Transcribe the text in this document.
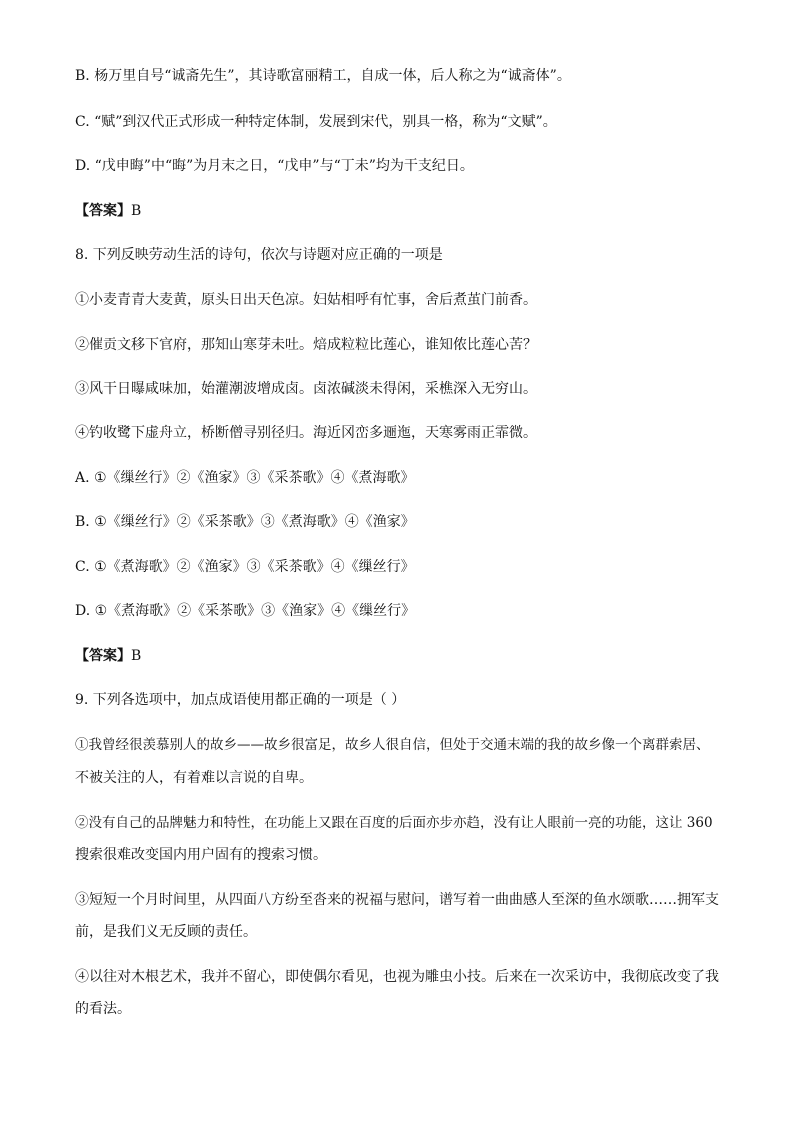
B. 杨万里自号“诚斋先生”，其诗歌富丽精工，自成一体，后人称之为“诚斋体”。
C. “赋”到汉代正式形成一种特定体制，发展到宋代，别具一格，称为“文赋”。
D. “戊申晦”中“晦”为月末之日，“戊申”与“丁未”均为干支纪日。
【答案】B
8. 下列反映劳动生活的诗句，依次与诗题对应正确的一项是
①小麦青青大麦黄，原头日出天色凉。妇姑相呼有忙事，舍后煮茧门前香。
②催贡文移下官府，那知山寒芽未吐。焙成粒粒比莲心，谁知侬比莲心苦？
③风干日曝咸味加，始灌潮波增成卤。卤浓碱淡未得闲，采樵深入无穷山。
④钓收鹭下虚舟立，桥断僧寻别径归。海近冈峦多逦迤，天寒雾雨正霏微。
A. ①《缫丝行》②《渔家》③《采茶歌》④《煮海歌》
B. ①《缫丝行》②《采茶歌》③《煮海歌》④《渔家》
C. ①《煮海歌》②《渔家》③《采茶歌》④《缫丝行》
D. ①《煮海歌》②《采茶歌》③《渔家》④《缫丝行》
【答案】B
9. 下列各选项中，加点成语使用都正确的一项是（ ）
①我曾经很羡慕别人的故乡——故乡很富足，故乡人很自信，但处于交通末端的我的故乡像一个离群索居、
不被关注的人，有着难以言说的自卑。
②没有自己的品牌魅力和特性，在功能上又跟在百度的后面亦步亦趋，没有让人眼前一亮的功能，这让 360
搜索很难改变国内用户固有的搜索习惯。
③短短一个月时间里，从四面八方纷至沓来的祝福与慰问，谱写着一曲曲感人至深的鱼水颂歌……拥军支
前，是我们义无反顾的责任。
④以往对木根艺术，我并不留心，即使偶尔看见，也视为雕虫小技。后来在一次采访中，我彻底改变了我
的看法。
